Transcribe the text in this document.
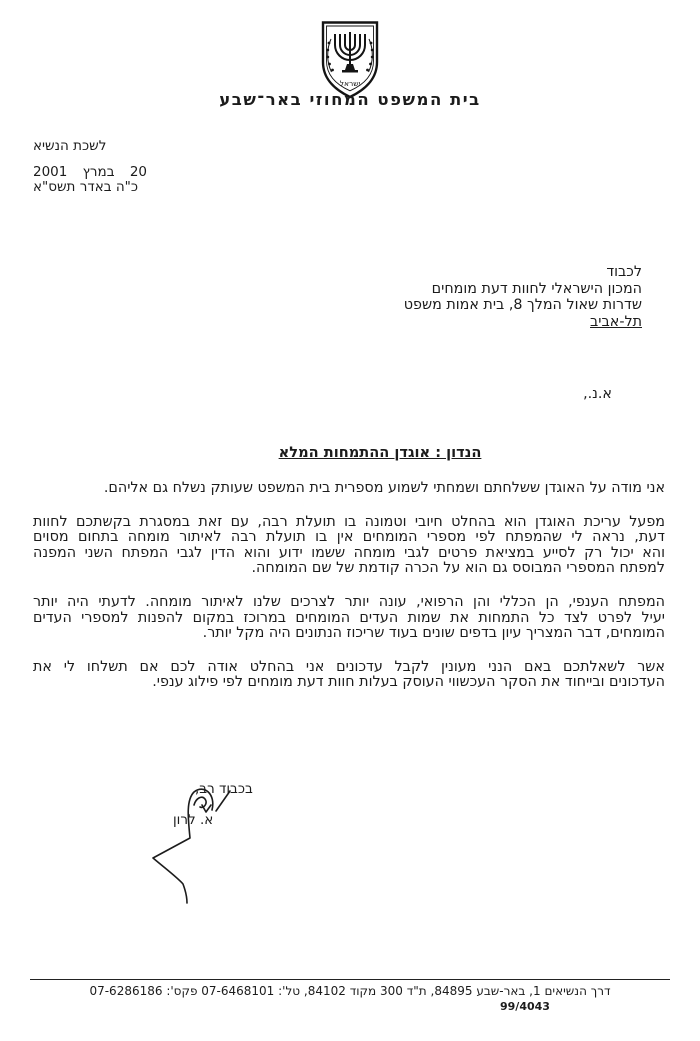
ישראל
בית המשפט המחוזי באר־שבע
לשכת הנשיא
20 במרץ 2001
כ"ה באדר תשס"א
לכבוד
המכון הישראלי לחוות דעת מומחים
שדרות שאול המלך 8, בית אמות משפט
תל-אביב
א.נ.,
הנדון : אוגדן ההתמחות המלא
אני מודה על האוגדן ששלחתם ושמחתי לשמוע מספרית בית המשפט שעותק נשלח גם אליהם.
מפעל עריכת האוגדן הוא בהחלט חיובי וטמונה בו תועלת רבה, עם זאת במסגרת בקשתכם לחוות
דעת, נראה לי שהמפתח לפי מספרי המומחים אין בו תועלת רבה לאיתור מומחה בתחום מסוים
והא יכול רק לסייע במציאת פרטים לגבי מומחה ששמו ידוע והוא הדין לגבי המפתח השני המפנה
למפתח המספרי המבוסס גם הוא על הכרה קודמת של שם המומחה.
המפתח הענפי, הן הכללי והן הרפואי, עונה יותר לצרכים שלנו לאיתור מומחה. לדעתי היה יותר
יעיל לפרט לצד כל התמחות את שמות העדים המומחים במרוכז במקום להפנות למספרי העדים
המומחים, דבר המצריך עיון בדפים שונים בעוד שריכוז הנתונים היה מקל יותר.
אשר לשאלתכם באם הנני מעונין לקבל עדכונים אני בהחלט אודה לכם אם תשלחו לי את
העדכונים ובייחוד את הסקר העכשווי העוסק בעלות חוות דעת מומחים לפי פילוג ענפי.
בכבוד רב,
א. לרון
דרך הנשיאים 1, באר-שבע 84895, ת"ד 300 מקוד 84102, טל': 07-6468101 פקס': 07-6286186
99/4043
